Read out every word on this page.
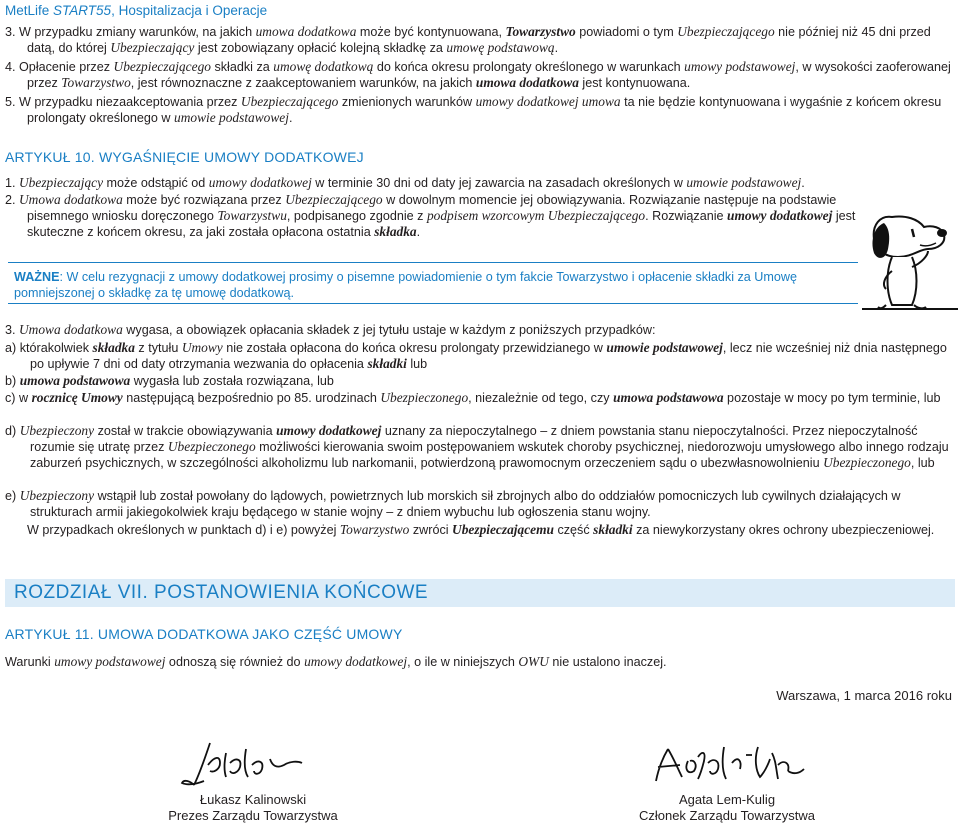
MetLife START55, Hospitalizacja i Operacje
3. W przypadku zmiany warunków, na jakich umowa dodatkowa może być kontynuowana, Towarzystwo powiadomi o tym Ubezpieczającego nie później niż 45 dni przed datą, do której Ubezpieczający jest zobowiązany opłacić kolejną składkę za umowę podstawową.
4. Opłacenie przez Ubezpieczającego składki za umowę dodatkową do końca okresu prolongaty określonego w warunkach umowy podstawowej, w wysokości zaoferowanej przez Towarzystwo, jest równoznaczne z zaakceptowaniem warunków, na jakich umowa dodatkowa jest kontynuowana.
5. W przypadku niezaakceptowania przez Ubezpieczającego zmienionych warunków umowy dodatkowej umowa ta nie będzie kontynuowana i wygaśnie z końcem okresu prolongaty określonego w umowie podstawowej.
ARTYKUŁ 10. WYGAŚNIĘCIE UMOWY DODATKOWEJ
1. Ubezpieczający może odstąpić od umowy dodatkowej w terminie 30 dni od daty jej zawarcia na zasadach określonych w umowie podstawowej.
2. Umowa dodatkowa może być rozwiązana przez Ubezpieczającego w dowolnym momencie jej obowiązywania. Rozwiązanie następuje na podstawie pisemnego wniosku doręczonego Towarzystwu, podpisanego zgodnie z podpisem wzorcowym Ubezpieczającego. Rozwiązanie umowy dodatkowej jest skuteczne z końcem okresu, za jaki została opłacona ostatnia składka.
WAŻNE: W celu rezygnacji z umowy dodatkowej prosimy o pisemne powiadomienie o tym fakcie Towarzystwo i opłacenie składki za Umowę pomniejszonej o składkę za tę umowę dodatkową.
3. Umowa dodatkowa wygasa, a obowiązek opłacania składek z jej tytułu ustaje w każdym z poniższych przypadków:
a) którakolwiek składka z tytułu Umowy nie została opłacona do końca okresu prolongaty przewidzianego w umowie podstawowej, lecz nie wcześniej niż dnia następnego po upływie 7 dni od daty otrzymania wezwania do opłacenia składki lub
b) umowa podstawowa wygasła lub została rozwiązana, lub
c) w rocznicę Umowy następującą bezpośrednio po 85. urodzinach Ubezpieczonego, niezależnie od tego, czy umowa podstawowa pozostaje w mocy po tym terminie, lub
d) Ubezpieczony został w trakcie obowiązywania umowy dodatkowej uznany za niepoczytalnego – z dniem powstania stanu niepoczytalności. Przez niepoczytalność rozumie się utratę przez Ubezpieczonego możliwości kierowania swoim postępowaniem wskutek choroby psychicznej, niedorozwoju umysłowego albo innego rodzaju zaburzeń psychicznych, w szczególności alkoholizmu lub narkomanii, potwierdzoną prawomocnym orzeczeniem sądu o ubezwłasnowolnieniu Ubezpieczonego, lub
e) Ubezpieczony wstąpił lub został powołany do lądowych, powietrznych lub morskich sił zbrojnych albo do oddziałów pomocniczych lub cywilnych działających w strukturach armii jakiegokolwiek kraju będącego w stanie wojny – z dniem wybuchu lub ogłoszenia stanu wojny.
W przypadkach określonych w punktach d) i e) powyżej Towarzystwo zwróci Ubezpieczającemu część składki za niewykorzystany okres ochrony ubezpieczeniowej.
ROZDZIAŁ VII. POSTANOWIENIA KOŃCOWE
ARTYKUŁ 11. UMOWA DODATKOWA JAKO CZĘŚĆ UMOWY
Warunki umowy podstawowej odnoszą się również do umowy dodatkowej, o ile w niniejszych OWU nie ustalono inaczej.
Warszawa, 1 marca 2016 roku
Łukasz Kalinowski
Prezes Zarządu Towarzystwa
Agata Lem-Kulig
Członek Zarządu Towarzystwa
